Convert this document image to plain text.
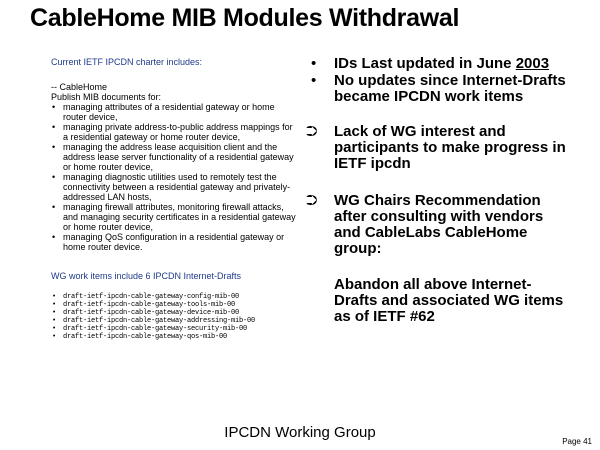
CableHome MIB Modules Withdrawal

Current IETF IPCDN charter includes:

-- CableHome

Publish MIB documents for:

• managing attributes of a residential gateway or home router device,
• managing private address-to-public address mappings for a residential gateway or home router device,
• managing the address lease acquisition client and the address lease server functionality of a residential gateway or home router device,
• managing diagnostic utilities used to remotely test the connectivity between a residential gateway and privately-addressed LAN hosts,
• managing firewall attributes, monitoring firewall attacks, and managing security certificates in a residential gateway or home router device,
• managing QoS configuration in a residential gateway or home router device.

WG work items include 6 IPCDN Internet-Drafts

• draft-ietf-ipcdn-cable-gateway-config-mib-00
• draft-ietf-ipcdn-cable-gateway-tools-mib-00
• draft-ietf-ipcdn-cable-gateway-device-mib-00
• draft-ietf-ipcdn-cable-gateway-addressing-mib-00
• draft-ietf-ipcdn-cable-gateway-security-mib-00
• draft-ietf-ipcdn-cable-gateway-qos-mib-00
• IDs Last updated in June 2003
• No updates since Internet-Drafts became IPCDN work items
⮊ Lack of WG interest and participants to make progress in IETF ipcdn
⮊ WG Chairs Recommendation after consulting with vendors and CableLabs CableHome group:
Abandon all above Internet-Drafts and associated WG items as of IETF #62
IPCDN Working Group
Page 41
